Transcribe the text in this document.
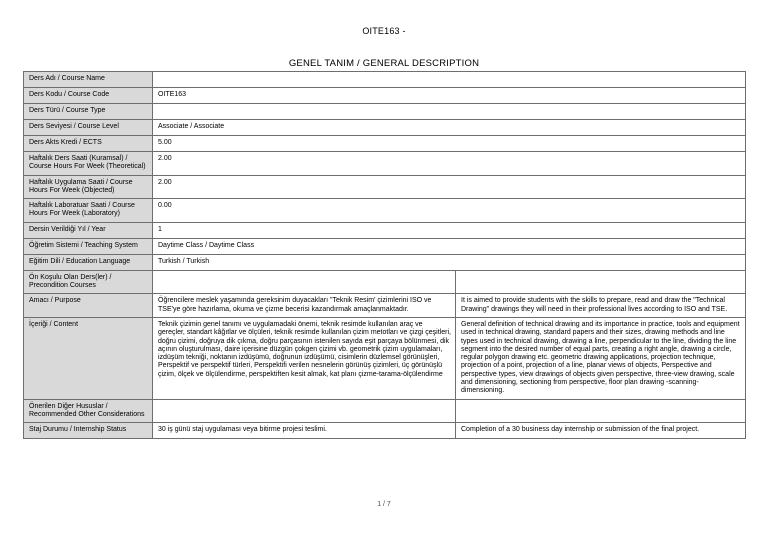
OITE163 -
GENEL TANIM / GENERAL DESCRIPTION
Ders Adı / Course Name		
Ders Kodu / Course Code	OITE163	
Ders Türü / Course Type		
Ders Seviyesi / Course Level	Associate / Associate	
Ders Akts Kredi / ECTS	5.00	
Haftalık Ders Saati (Kuramsal) / Course Hours For Week (Theoretical)	2.00	
Haftalık Uygulama Saati / Course Hours For Week (Objected)	2.00	
Haftalık Laboratuar Saati / Course Hours For Week (Laboratory)	0.00	
Dersin Verildiği Yıl / Year	1	
Öğretim Sistemi / Teaching System	Daytime Class / Daytime Class	
Eğitim Dili / Education Language	Turkish / Turkish	
Ön Koşulu Olan Ders(ler) / Precondition Courses		
Amacı / Purpose	Öğrencilere meslek yaşamında gereksinim duyacakları "Teknik Resim' çizimlerini ISO ve TSE'ye göre hazırlama, okuma ve çizme becerisi kazandırmak amaçlanmaktadır.	It is aimed to provide students with the skills to prepare, read and draw the "Technical Drawing" drawings they will need in their professional lives according to ISO and TSE.
İçeriği / Content	Teknik çizimin genel tanımı ve uygulamadaki önemi, teknik resimde kullanılan araç ve gereçler, standart kâğıtlar ve ölçüleri, teknik resimde kullanılan çizim metotları ve çizgi çeşitleri, doğru çizimi, doğruya dik çıkma, doğru parçasının istenilen sayıda eşit parçaya bölünmesi, dik açının oluşturulması, daire içerisine düzgün çokgen çizimi vb. geometrik çizim uygulamaları, izdüşüm tekniği, noktanın izdüşümü, doğrunun izdüşümü, cisimlerin düzlemsel görünüşleri, Perspektif ve perspektif türleri, Perspektifi verilen nesnelerin görünüş çizimleri, üç görünüşlü çizim, ölçek ve ölçülendirme, perspektiften kesit almak, kat planı çizme-tarama-ölçülendirme	General definition of technical drawing and its importance in practice, tools and equipment used in technical drawing, standard papers and their sizes, drawing methods and line types used in technical drawing, drawing a line, perpendicular to the line, dividing the line segment into the desired number of equal parts, creating a right angle, drawing a circle, regular polygon drawing etc. geometric drawing applications, projection technique, projection of a point, projection of a line, planar views of objects, Perspective and perspective types, view drawings of objects given perspective, three-view drawing, scale and dimensioning, sectioning from perspective, floor plan drawing -scanning-dimensioning.
Önerilen Diğer Hususlar / Recommended Other Considerations		
Staj Durumu / Internship Status	30 iş günü staj uygulaması veya bitirme projesi teslimi.	Completion of a 30 business day internship or submission of the final project.
1 / 7
